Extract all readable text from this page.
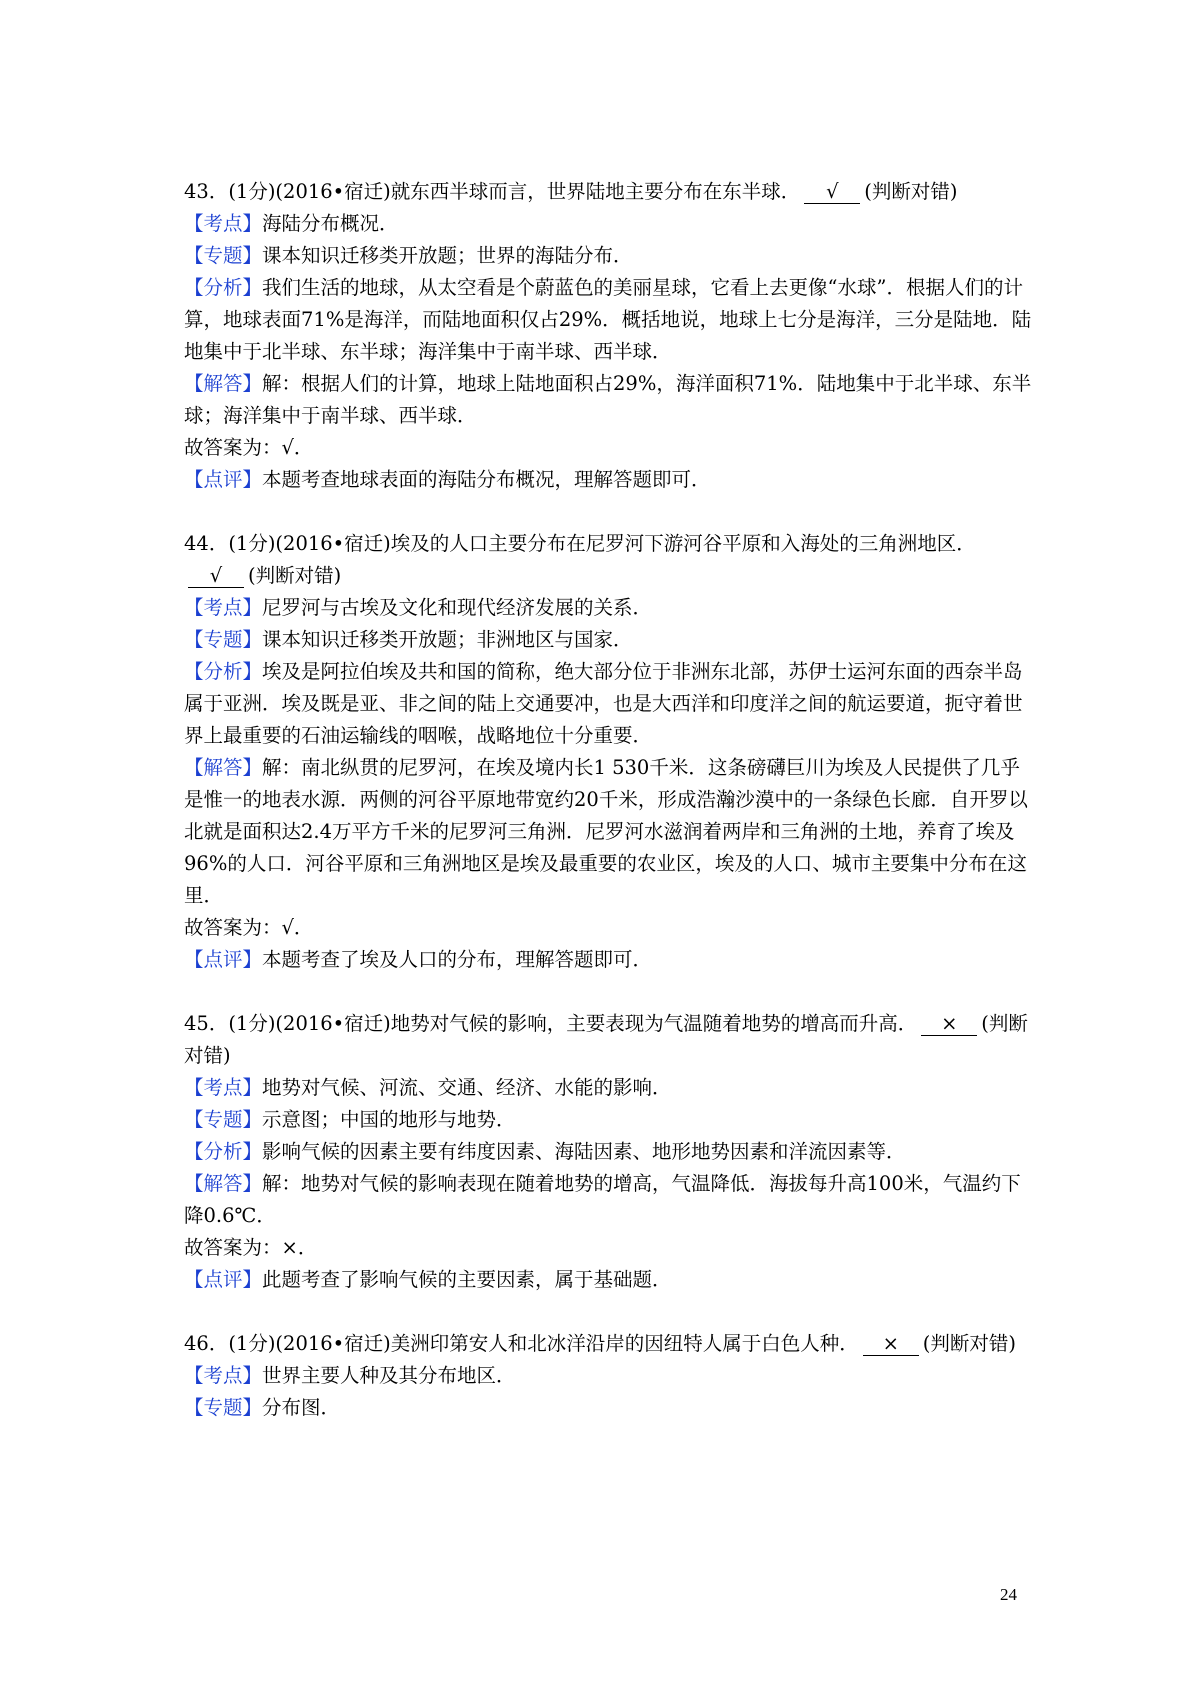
43．(1分)(2016•宿迁)就东西半球而言，世界陆地主要分布在东半球． √ (判断对错)

【考点】海陆分布概况．

【专题】课本知识迁移类开放题；世界的海陆分布．

【分析】我们生活的地球，从太空看是个蔚蓝色的美丽星球，它看上去更像“水球”．根据人们的计算，地球表面71%是海洋，而陆地面积仅占29%．概括地说，地球上七分是海洋，三分是陆地．陆地集中于北半球、东半球；海洋集中于南半球、西半球．

【解答】解：根据人们的计算，地球上陆地面积占29%，海洋面积71%．陆地集中于北半球、东半球；海洋集中于南半球、西半球．

故答案为：√．

【点评】本题考查地球表面的海陆分布概况，理解答题即可．

44．(1分)(2016•宿迁)埃及的人口主要分布在尼罗河下游河谷平原和入海处的三角洲地区．√ (判断对错)

【考点】尼罗河与古埃及文化和现代经济发展的关系．

【专题】课本知识迁移类开放题；非洲地区与国家．

【分析】埃及是阿拉伯埃及共和国的简称，绝大部分位于非洲东北部，苏伊士运河东面的西奈半岛属于亚洲．埃及既是亚、非之间的陆上交通要冲，也是大西洋和印度洋之间的航运要道，扼守着世界上最重要的石油运输线的咽喉，战略地位十分重要．

【解答】解：南北纵贯的尼罗河，在埃及境内长1 530千米．这条磅礴巨川为埃及人民提供了几乎是惟一的地表水源．两侧的河谷平原地带宽约20千米，形成浩瀚沙漠中的一条绿色长廊．自开罗以北就是面积达2.4万平方千米的尼罗河三角洲．尼罗河水滋润着两岸和三角洲的土地，养育了埃及96%的人口．河谷平原和三角洲地区是埃及最重要的农业区，埃及的人口、城市主要集中分布在这里．

故答案为：√．

【点评】本题考查了埃及人口的分布，理解答题即可．

45．(1分)(2016•宿迁)地势对气候的影响，主要表现为气温随着地势的增高而升高． × (判断对错)

【考点】地势对气候、河流、交通、经济、水能的影响．

【专题】示意图；中国的地形与地势．

【分析】影响气候的因素主要有纬度因素、海陆因素、地形地势因素和洋流因素等．

【解答】解：地势对气候的影响表现在随着地势的增高，气温降低．海拔每升高100米，气温约下降0.6℃．

故答案为：×．

【点评】此题考查了影响气候的主要因素，属于基础题．

46．(1分)(2016•宿迁)美洲印第安人和北冰洋沿岸的因纽特人属于白色人种． × (判断对错)

【考点】世界主要人种及其分布地区．

【专题】分布图．

24
